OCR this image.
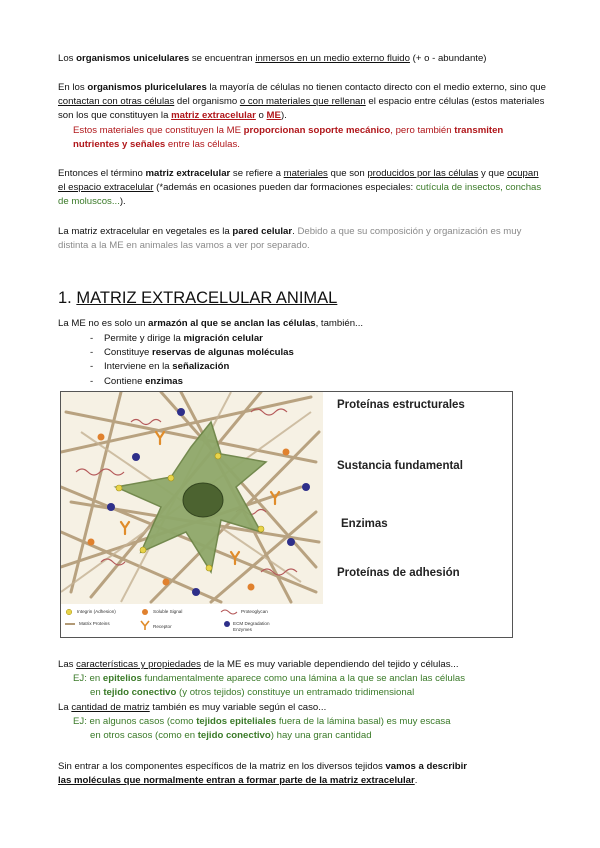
Los organismos unicelulares se encuentran inmersos en un medio externo fluido (+ o - abundante)

En los organismos pluricelulares la mayoría de células no tienen contacto directo con el medio externo, sino que contactan con otras células del organismo o con materiales que rellenan el espacio entre células (estos materiales son los que constituyen la matriz extracelular o ME).

Estos materiales que constituyen la ME proporcionan soporte mecánico, pero también transmiten nutrientes y señales entre las células.

Entonces el término matriz extracelular se refiere a materiales que son producidos por las células y que ocupan el espacio extracelular (*además en ocasiones pueden dar formaciones especiales: cutícula de insectos, conchas de moluscos...).

La matriz extracelular en vegetales es la pared celular. Debido a que su composición y organización es muy distinta a la ME en animales las vamos a ver por separado.

1. MATRIZ EXTRACELULAR ANIMAL

La ME no es solo un armazón al que se anclan las células, también...

- Permite y dirige la migración celular
- Constituye reservas de algunas moléculas
- Interviene en la señalización
- Contiene enzimas
Proteínas estructurales
Sustancia fundamental
Enzimas
Proteínas de adhesión
Integrin (Adhesion)
Matrix Proteins
Soluble Signal
Receptor
Proteoglycan
ECM Degradation
Enzymes

Las características y propiedades de la ME es muy variable dependiendo del tejido y células...

EJ: en epitelios fundamentalmente aparece como una lámina a la que se anclan las células

en tejido conectivo (y otros tejidos) constituye un entramado tridimensional

La cantidad de matriz también es muy variable según el caso...

EJ: en algunos casos (como tejidos epiteliales fuera de la lámina basal) es muy escasa

en otros casos (como en tejido conectivo) hay una gran cantidad

Sin entrar a los componentes específicos de la matriz en los diversos tejidos vamos a describir
las moléculas que normalmente entran a formar parte de la matriz extracelular.
